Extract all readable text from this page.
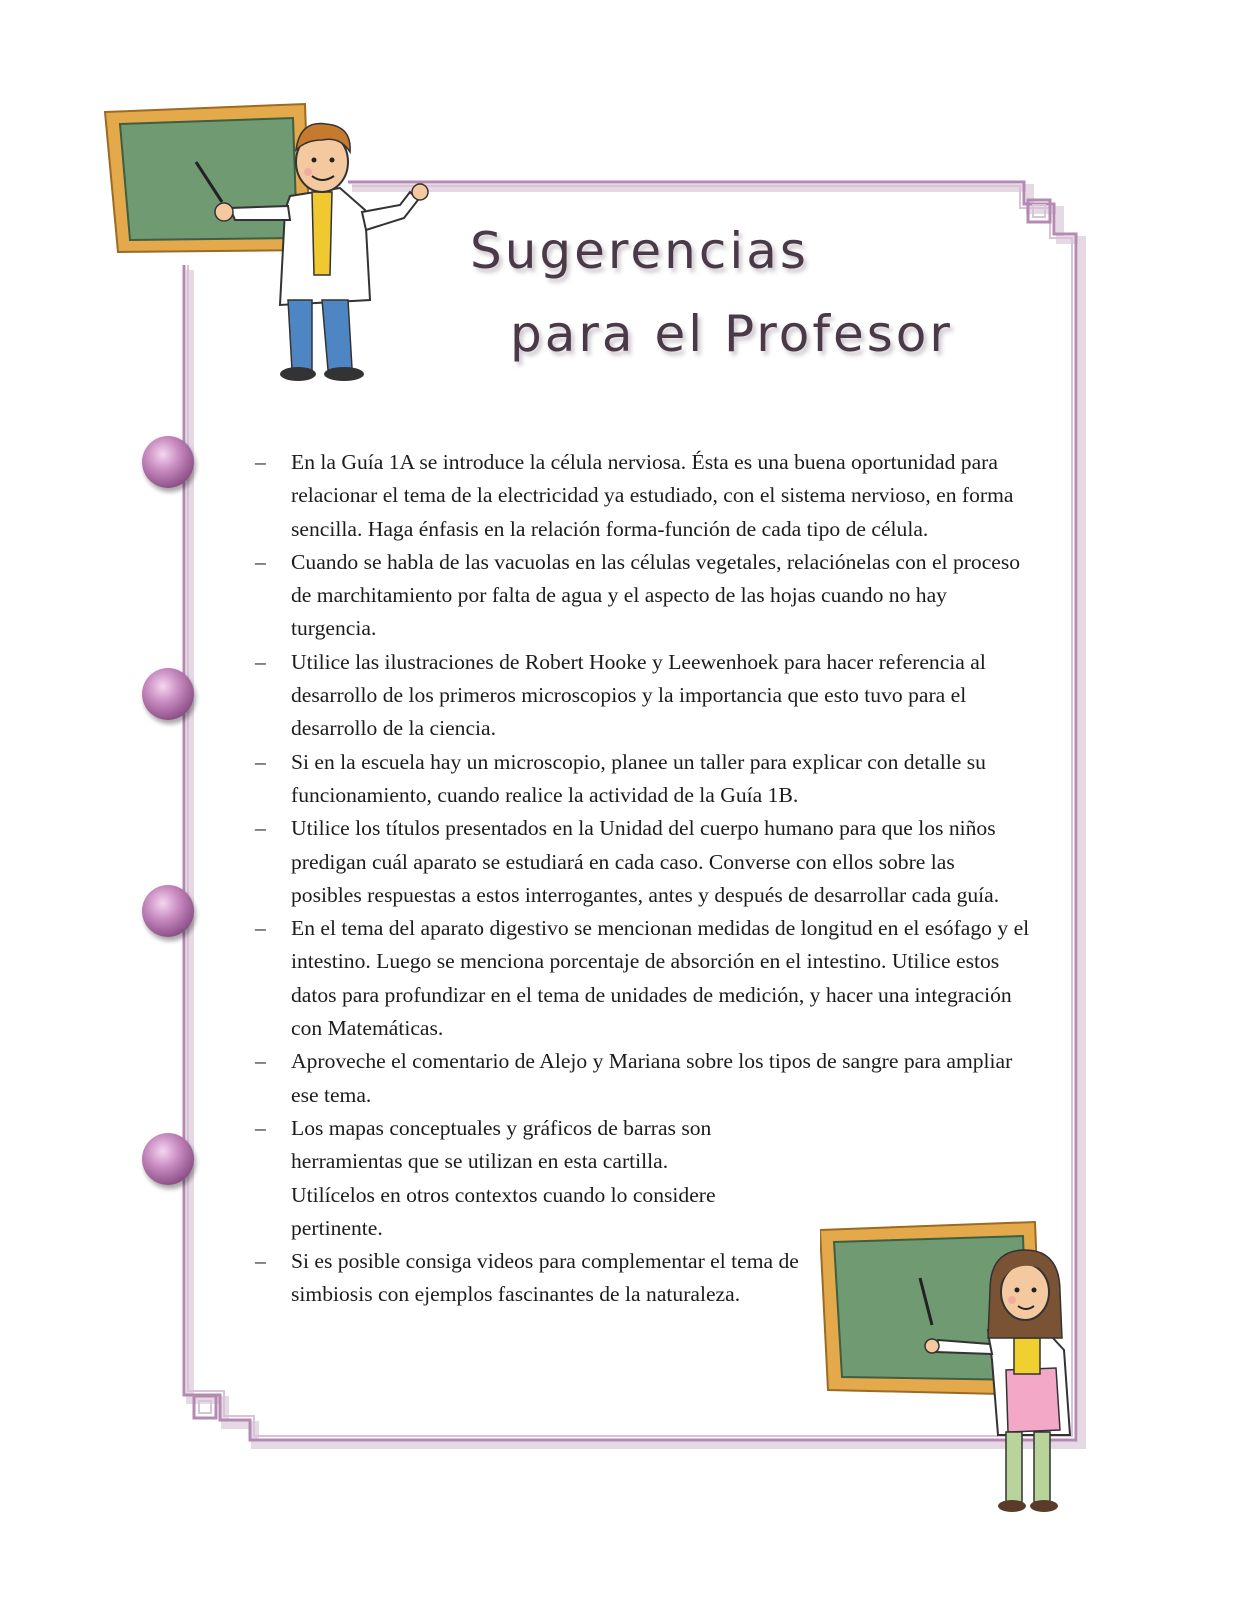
Sugerencias
para el Profesor
– En la Guía 1A se introduce la célula nerviosa. Ésta es una buena oportunidad para relacionar el tema de la electricidad ya estudiado, con el sistema nervioso, en forma sencilla. Haga énfasis en la relación forma-función de cada tipo de célula.
– Cuando se habla de las vacuolas en las células vegetales, relaciónelas con el proceso de marchitamiento por falta de agua y el aspecto de las hojas cuando no hay turgencia.
– Utilice las ilustraciones de Robert Hooke y Leewenhoek para hacer referencia al desarrollo de los primeros microscopios y la importancia que esto tuvo para el desarrollo de la ciencia.
– Si en la escuela hay un microscopio, planee un taller para explicar con detalle su funcionamiento, cuando realice la actividad de la Guía 1B.
– Utilice los títulos presentados en la Unidad del cuerpo humano para que los niños predigan cuál aparato se estudiará en cada caso. Converse con ellos sobre las posibles respuestas a estos interrogantes, antes y después de desarrollar cada guía.
– En el tema del aparato digestivo se mencionan medidas de longitud en el esófago y el intestino. Luego se menciona porcentaje de absorción en el intestino. Utilice estos datos para profundizar en el tema de unidades de medición, y hacer una integración con Matemáticas.
– Aproveche el comentario de Alejo y Mariana sobre los tipos de sangre para ampliar ese tema.
– Los mapas conceptuales y gráficos de barras son herramientas que se utilizan en esta cartilla. Utilícelos en otros contextos cuando lo considere pertinente.
– Si es posible consiga videos para complementar el tema de simbiosis con ejemplos fascinantes de la naturaleza.
